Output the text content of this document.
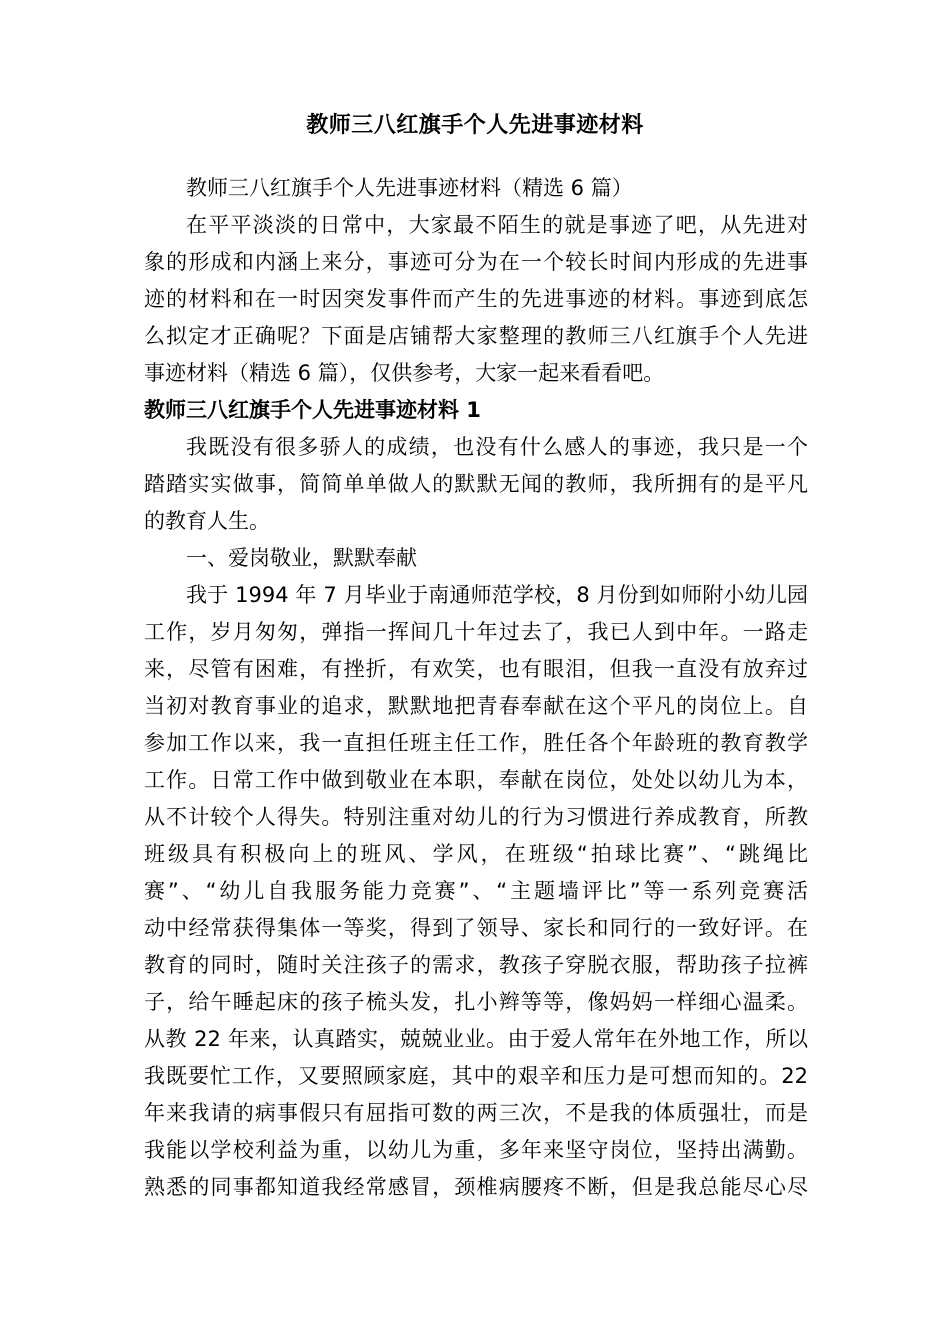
教师三八红旗手个人先进事迹材料
教师三八红旗手个人先进事迹材料（精选 6 篇）
在平平淡淡的日常中，大家最不陌生的就是事迹了吧，从先进对
象的形成和内涵上来分，事迹可分为在一个较长时间内形成的先进事
迹的材料和在一时因突发事件而产生的先进事迹的材料。事迹到底怎
么拟定才正确呢？下面是店铺帮大家整理的教师三八红旗手个人先进
事迹材料（精选 6 篇），仅供参考，大家一起来看看吧。
教师三八红旗手个人先进事迹材料 1
我既没有很多骄人的成绩，也没有什么感人的事迹，我只是一个
踏踏实实做事，简简单单做人的默默无闻的教师，我所拥有的是平凡
的教育人生。
一、爱岗敬业，默默奉献
我于 1994 年 7 月毕业于南通师范学校，8 月份到如师附小幼儿园
工作，岁月匆匆，弹指一挥间几十年过去了，我已人到中年。一路走
来，尽管有困难，有挫折，有欢笑，也有眼泪，但我一直没有放弃过
当初对教育事业的追求，默默地把青春奉献在这个平凡的岗位上。自
参加工作以来，我一直担任班主任工作，胜任各个年龄班的教育教学
工作。日常工作中做到敬业在本职，奉献在岗位，处处以幼儿为本，
从不计较个人得失。特别注重对幼儿的行为习惯进行养成教育，所教
班级具有积极向上的班风、学风，在班级“拍球比赛”、“跳绳比
赛”、“幼儿自我服务能力竞赛”、“主题墙评比”等一系列竞赛活
动中经常获得集体一等奖，得到了领导、家长和同行的一致好评。在
教育的同时，随时关注孩子的需求，教孩子穿脱衣服，帮助孩子拉裤
子，给午睡起床的孩子梳头发，扎小辫等等，像妈妈一样细心温柔。
从教 22 年来，认真踏实，兢兢业业。由于爱人常年在外地工作，所以
我既要忙工作，又要照顾家庭，其中的艰辛和压力是可想而知的。22
年来我请的病事假只有屈指可数的两三次，不是我的体质强壮，而是
我能以学校利益为重，以幼儿为重，多年来坚守岗位，坚持出满勤。
熟悉的同事都知道我经常感冒，颈椎病腰疼不断，但是我总能尽心尽
